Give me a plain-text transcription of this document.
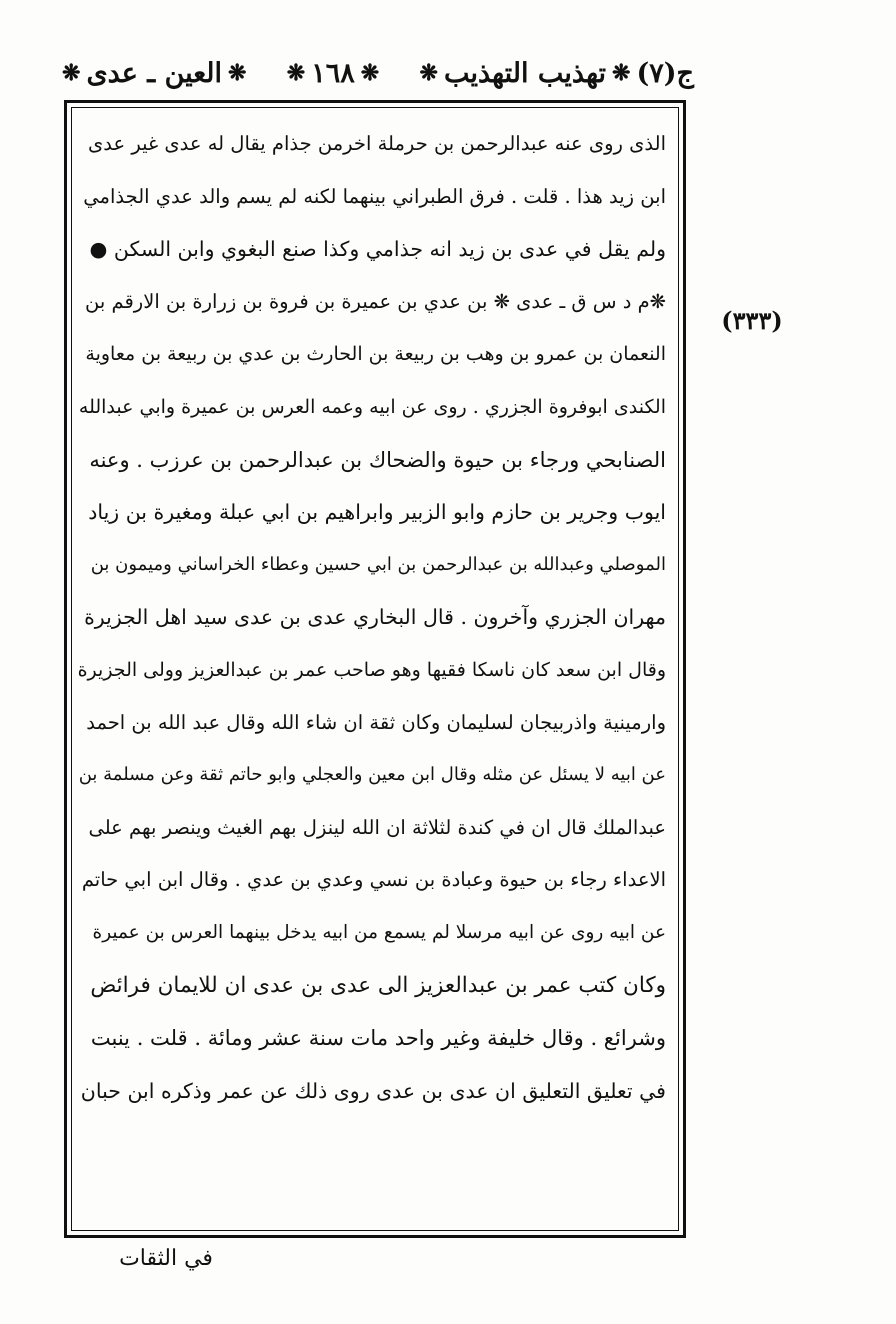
ج(٧)
❋
تهذيب التهذيب
❋
❋
١٦٨
❋
❋
العين ـ عدى
❋
(٣٣٣)
الذى روى عنه عبدالرحمن بن حرملة اخرمن جذام يقال له عدى غير عدى
ابن زيد هذا . قلت . فرق الطبراني بينهما لكنه لم يسم والد عدي الجذامي
ولم يقل في عدى بن زيد انه جذامي وكذا صنع البغوي وابن السكن ●
❋م د س ق ـ عدى ❋ بن عدي بن عميرة بن فروة بن زرارة بن الارقم بن
النعمان بن عمرو بن وهب بن ربيعة بن الحارث بن عدي بن ربيعة بن معاوية
الكندى ابوفروة الجزري . روى عن ابيه وعمه العرس بن عميرة وابي عبدالله
الصنابحي ورجاء بن حيوة والضحاك بن عبدالرحمن بن عرزب . وعنه
ايوب وجرير بن حازم وابو الزبير وابراهيم بن ابي عبلة ومغيرة بن زياد
الموصلي وعبدالله بن عبدالرحمن بن ابي حسين وعطاء الخراساني وميمون بن
مهران الجزري وآخرون . قال البخاري عدى بن عدى سيد اهل الجزيرة
وقال ابن سعد كان ناسكا فقيها وهو صاحب عمر بن عبدالعزيز وولى الجزيرة
وارمينية واذربيجان لسليمان وكان ثقة ان شاء الله وقال عبد الله بن احمد
عن ابيه لا يسئل عن مثله وقال ابن معين والعجلي وابو حاتم ثقة وعن مسلمة بن
عبدالملك قال ان في كندة لثلاثة ان الله لينزل بهم الغيث وينصر بهم على
الاعداء رجاء بن حيوة وعبادة بن نسي وعدي بن عدي . وقال ابن ابي حاتم
عن ابيه روى عن ابيه مرسلا لم يسمع من ابيه يدخل بينهما العرس بن عميرة
وكان كتب عمر بن عبدالعزيز الى عدى بن عدى ان للايمان فرائض
وشرائع . وقال خليفة وغير واحد مات سنة عشر ومائة . قلت . ينبت
في تعليق التعليق ان عدى بن عدى روى ذلك عن عمر وذكره ابن حبان
في الثقات
